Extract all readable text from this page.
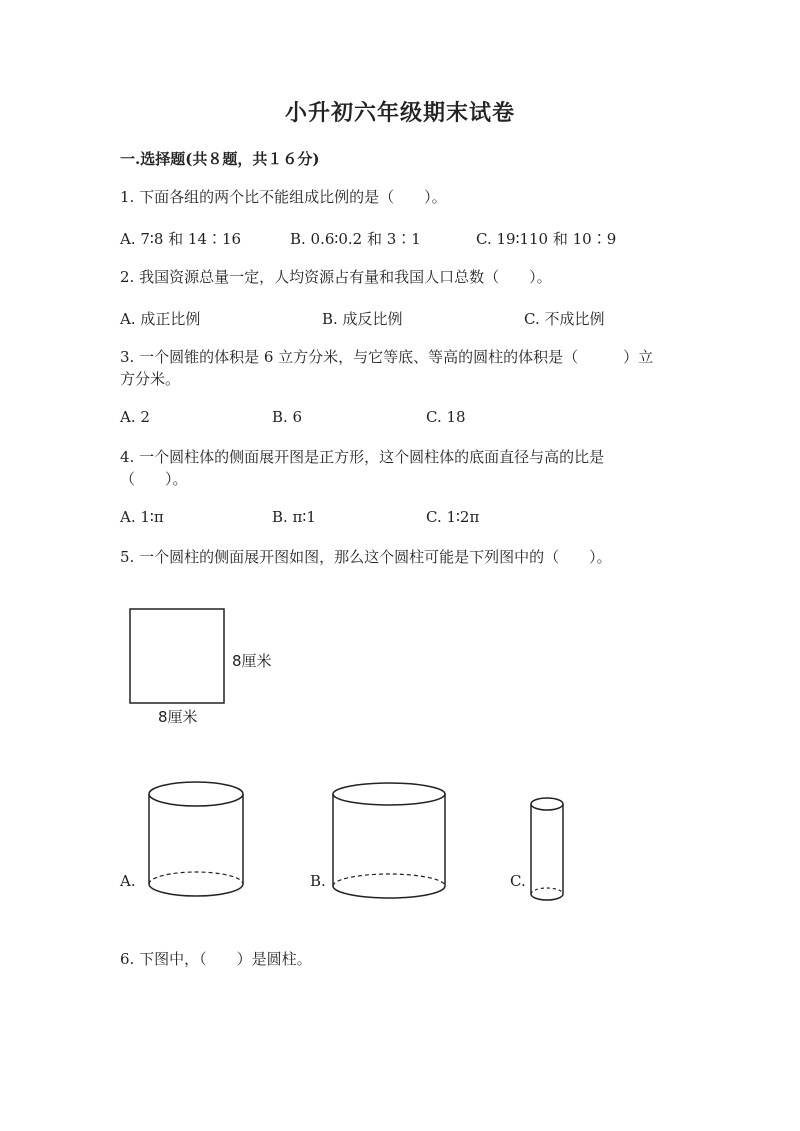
小升初六年级期末试卷
一.选择题(共８题，共１６分)
1. 下面各组的两个比不能组成比例的是（　　）。
A. 7∶8 和 14∶16	B. 0.6∶0.2 和 3∶1	C. 19∶110 和 10∶9
2. 我国资源总量一定，人均资源占有量和我国人口总数（　　）。
A. 成正比例	B. 成反比例	C. 不成比例
3. 一个圆锥的体积是 6 立方分米，与它等底、等高的圆柱的体积是（　　　）立
方分米。
A. 2	B. 6	C. 18
4. 一个圆柱体的侧面展开图是正方形，这个圆柱体的底面直径与高的比是
（　　）。
A. 1∶π	B. π∶1	C. 1∶2π
5. 一个圆柱的侧面展开图如图，那么这个圆柱可能是下列图中的（　　）。
8厘米
8厘米
A.	B.	C.
6. 下图中，（　　）是圆柱。
